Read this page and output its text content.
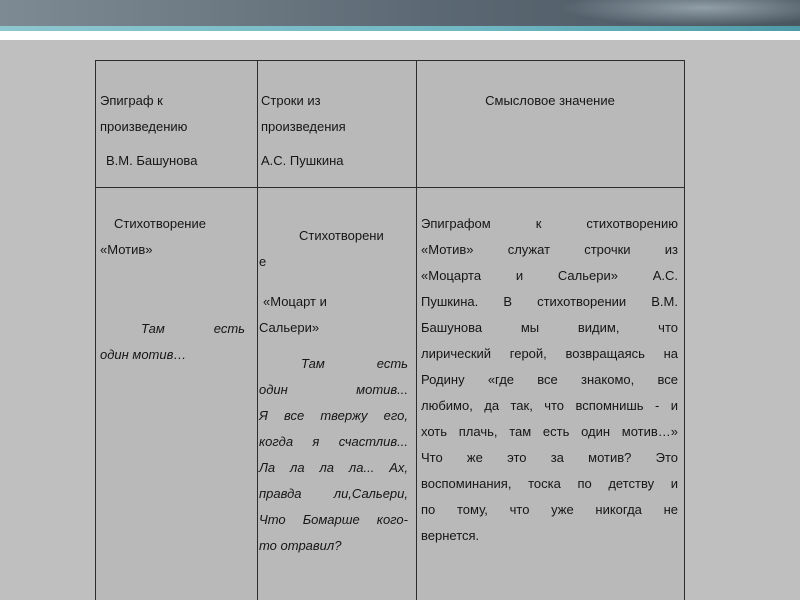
Эпиграф к

произведению

В.М. Башунова

Строки из

произведения

А.С. Пушкина

Смысловое значение

Стихотворение

«Мотив»

Там есть

один мотив…

Стихотворени

е

«Моцарт и

Сальери»

Там есть

один мотив...

Я все твержу его,

когда я счастлив...

Ла ла ла ла... Ах,

правда ли,Сальери,

Что Бомарше кого-

то отравил?

Эпиграфом к стихотворению

«Мотив» служат строчки из

«Моцарта и Сальери» А.С.

Пушкина. В стихотворении В.М.

Башунова мы видим, что

лирический герой, возвращаясь на

Родину «где все знакомо, все

любимо, да так, что вспомнишь - и

хоть плачь, там есть один мотив…»

Что же это за мотив? Это

воспоминания, тоска по детству и

по тому, что уже никогда не

вернется.
